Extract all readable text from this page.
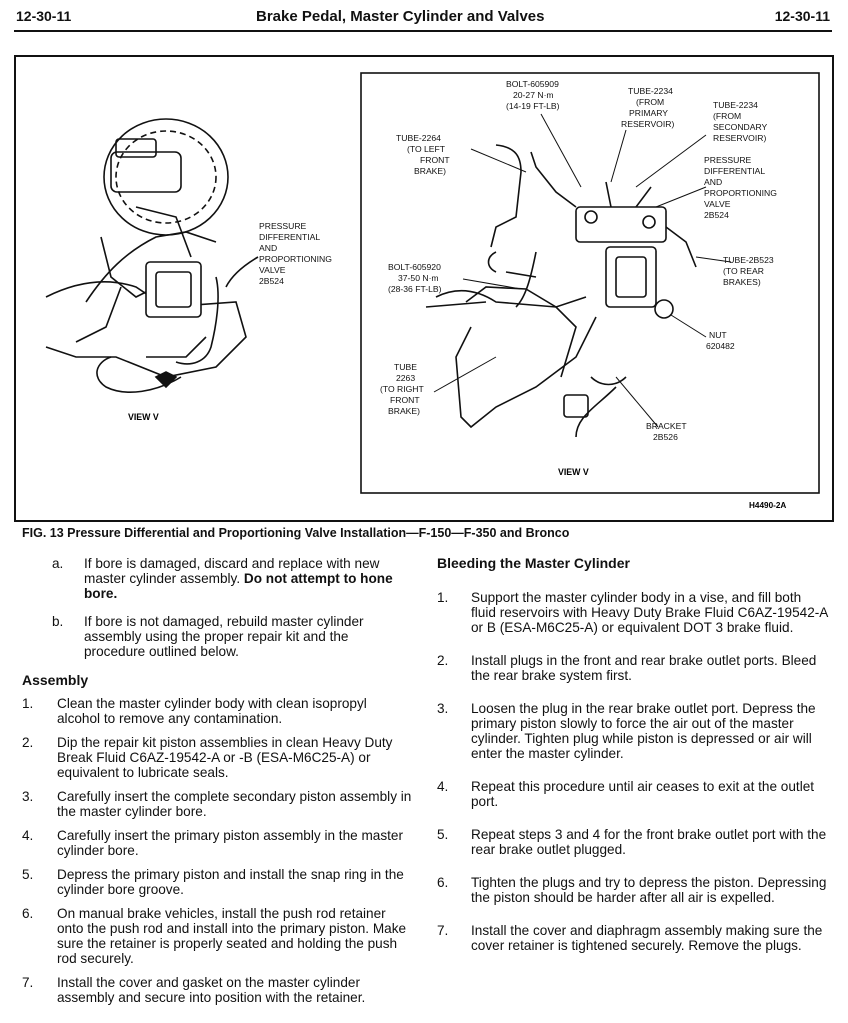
12-30-11	Brake Pedal, Master Cylinder and Valves	12-30-11
PRESSURE
DIFFERENTIAL
AND
PROPORTIONING
VALVE
2B524
VIEW V
BOLT-605909
20-27 N·m
(14-19 FT-LB)
TUBE-2234
(FROM
PRIMARY
RESERVOIR)
TUBE-2234
(FROM
SECONDARY
RESERVOIR)
TUBE-2264
(TO LEFT
FRONT
BRAKE)
PRESSURE
DIFFERENTIAL
AND
PROPORTIONING
VALVE
2B524
BOLT-605920
37-50 N·m
(28-36 FT-LB)
TUBE-2B523
(TO REAR
BRAKES)
NUT
620482
TUBE
2263
(TO RIGHT
FRONT
BRAKE)
BRACKET
2B526
VIEW V
H4490-2A
FIG. 13 Pressure Differential and Proportioning Valve Installation—F-150—F-350 and Bronco
a.	If bore is damaged, discard and replace with new master cylinder assembly. Do not attempt to hone bore.
b.	If bore is not damaged, rebuild master cylinder assembly using the proper repair kit and the procedure outlined below.
Assembly
1. Clean the master cylinder body with clean isopropyl alcohol to remove any contamination.
2. Dip the repair kit piston assemblies in clean Heavy Duty Break Fluid C6AZ-19542-A or -B (ESA-M6C25-A) or equivalent to lubricate seals.
3. Carefully insert the complete secondary piston assembly in the master cylinder bore.
4. Carefully insert the primary piston assembly in the master cylinder bore.
5. Depress the primary piston and install the snap ring in the cylinder bore groove.
6. On manual brake vehicles, install the push rod retainer onto the push rod and install into the primary piston. Make sure the retainer is properly seated and holding the push rod securely.
7. Install the cover and gasket on the master cylinder assembly and secure into position with the retainer.
Bleeding the Master Cylinder
1. Support the master cylinder body in a vise, and fill both fluid reservoirs with Heavy Duty Brake Fluid C6AZ-19542-A or B (ESA-M6C25-A) or equivalent DOT 3 brake fluid.
2. Install plugs in the front and rear brake outlet ports. Bleed the rear brake system first.
3. Loosen the plug in the rear brake outlet port. Depress the primary piston slowly to force the air out of the master cylinder. Tighten plug while piston is depressed or air will enter the master cylinder.
4. Repeat this procedure until air ceases to exit at the outlet port.
5. Repeat steps 3 and 4 for the front brake outlet port with the rear brake outlet plugged.
6. Tighten the plugs and try to depress the piston. Depressing the piston should be harder after all air is expelled.
7. Install the cover and diaphragm assembly making sure the cover retainer is tightened securely. Remove the plugs.
